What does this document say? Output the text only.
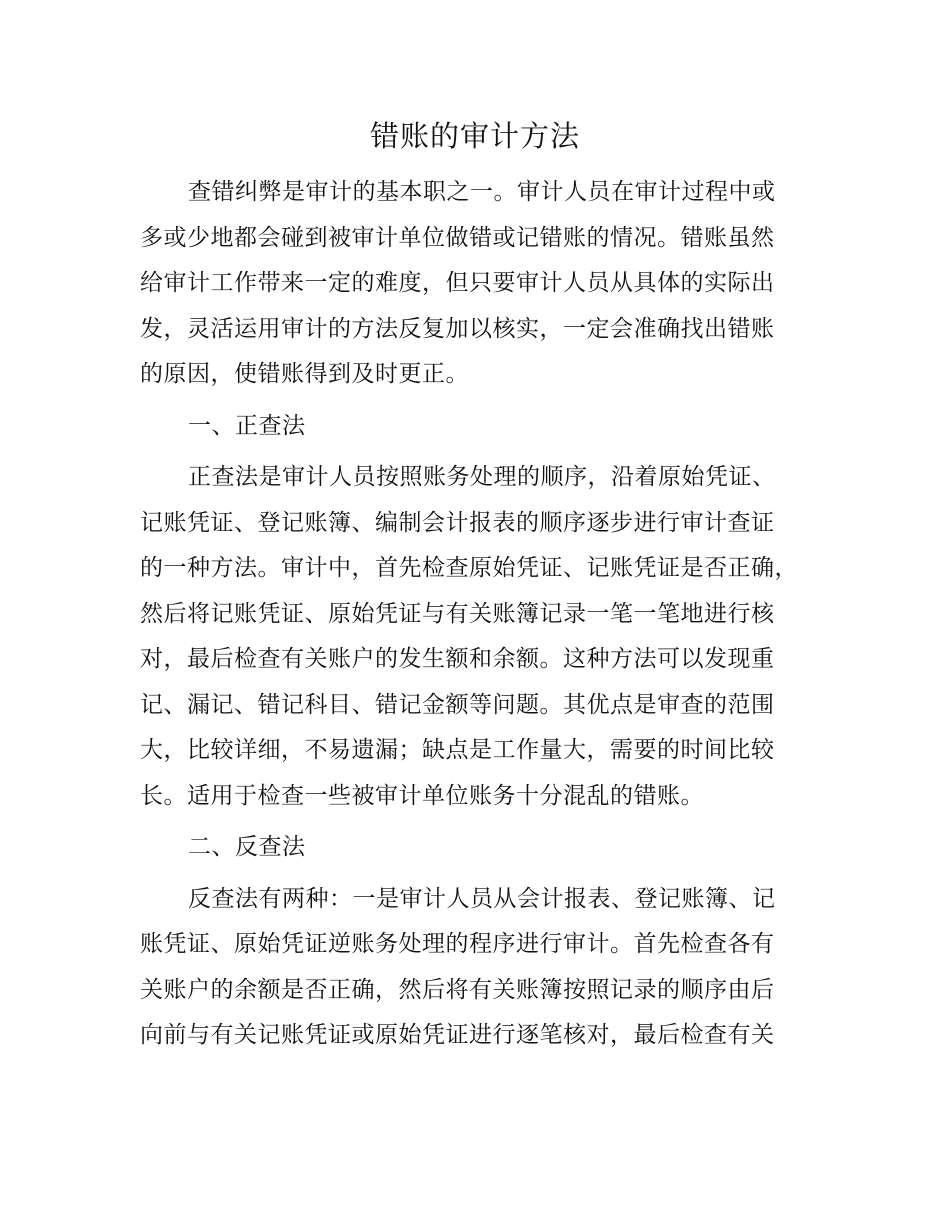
错账的审计方法
查错纠弊是审计的基本职之一。审计人员在审计过程中或
多或少地都会碰到被审计单位做错或记错账的情况。错账虽然
给审计工作带来一定的难度，但只要审计人员从具体的实际出
发，灵活运用审计的方法反复加以核实，一定会准确找出错账
的原因，使错账得到及时更正。
一、正查法
正查法是审计人员按照账务处理的顺序，沿着原始凭证、
记账凭证、登记账簿、编制会计报表的顺序逐步进行审计查证
的一种方法。审计中，首先检查原始凭证、记账凭证是否正确，
然后将记账凭证、原始凭证与有关账簿记录一笔一笔地进行核
对，最后检查有关账户的发生额和余额。这种方法可以发现重
记、漏记、错记科目、错记金额等问题。其优点是审查的范围
大，比较详细，不易遗漏；缺点是工作量大，需要的时间比较
长。适用于检查一些被审计单位账务十分混乱的错账。
二、反查法
反查法有两种：一是审计人员从会计报表、登记账簿、记
账凭证、原始凭证逆账务处理的程序进行审计。首先检查各有
关账户的余额是否正确，然后将有关账簿按照记录的顺序由后
向前与有关记账凭证或原始凭证进行逐笔核对，最后检查有关
